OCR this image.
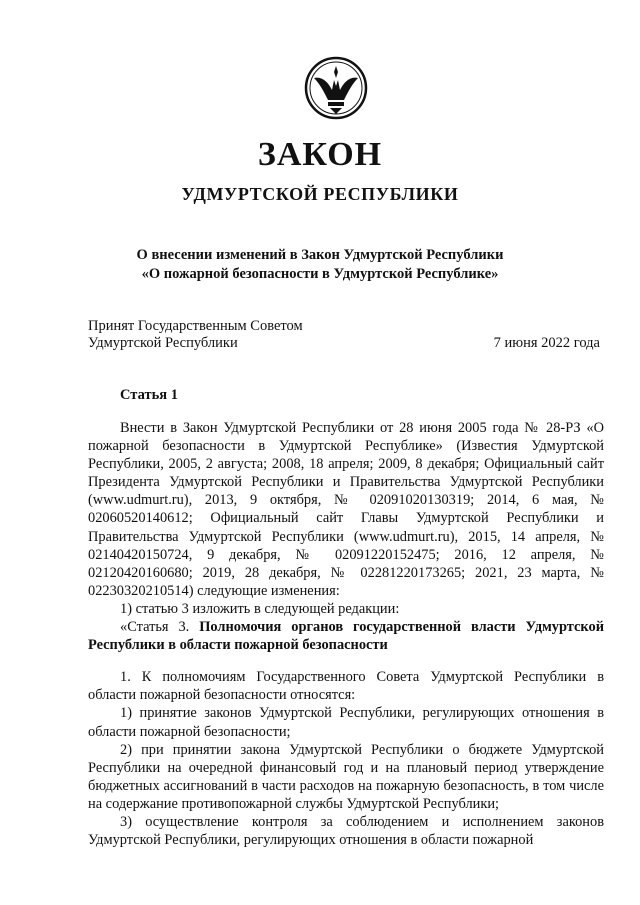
ЗАКОН
УДМУРТСКОЙ РЕСПУБЛИКИ
О внесении изменений в Закон Удмуртской Республики
«О пожарной безопасности в Удмуртской Республике»
Принят Государственным Советом
Удмуртской Республики	7 июня 2022 года
Статья 1

Внести в Закон Удмуртской Республики от 28 июня 2005 года № 28-РЗ «О пожарной безопасности в Удмуртской Республике» (Известия Удмуртской Республики, 2005, 2 августа; 2008, 18 апреля; 2009, 8 декабря; Официальный сайт Президента Удмуртской Республики и Правительства Удмуртской Республики (www.udmurt.ru), 2013, 9 октября, № 02091020130319; 2014, 6 мая, № 02060520140612; Официальный сайт Главы Удмуртской Республики и Правительства Удмуртской Республики (www.udmurt.ru), 2015, 14 апреля, № 02140420150724, 9 декабря, № 02091220152475; 2016, 12 апреля, № 02120420160680; 2019, 28 декабря, № 02281220173265; 2021, 23 марта, № 02230320210514) следующие изменения:

1) статью 3 изложить в следующей редакции:

«Статья 3. Полномочия органов государственной власти Удмуртской Республики в области пожарной безопасности

1. К полномочиям Государственного Совета Удмуртской Республики в области пожарной безопасности относятся:

1) принятие законов Удмуртской Республики, регулирующих отношения в области пожарной безопасности;

2) при принятии закона Удмуртской Республики о бюджете Удмуртской Республики на очередной финансовый год и на плановый период утверждение бюджетных ассигнований в части расходов на пожарную безопасность, в том числе на содержание противопожарной службы Удмуртской Республики;

3) осуществление контроля за соблюдением и исполнением законов Удмуртской Республики, регулирующих отношения в области пожарной
